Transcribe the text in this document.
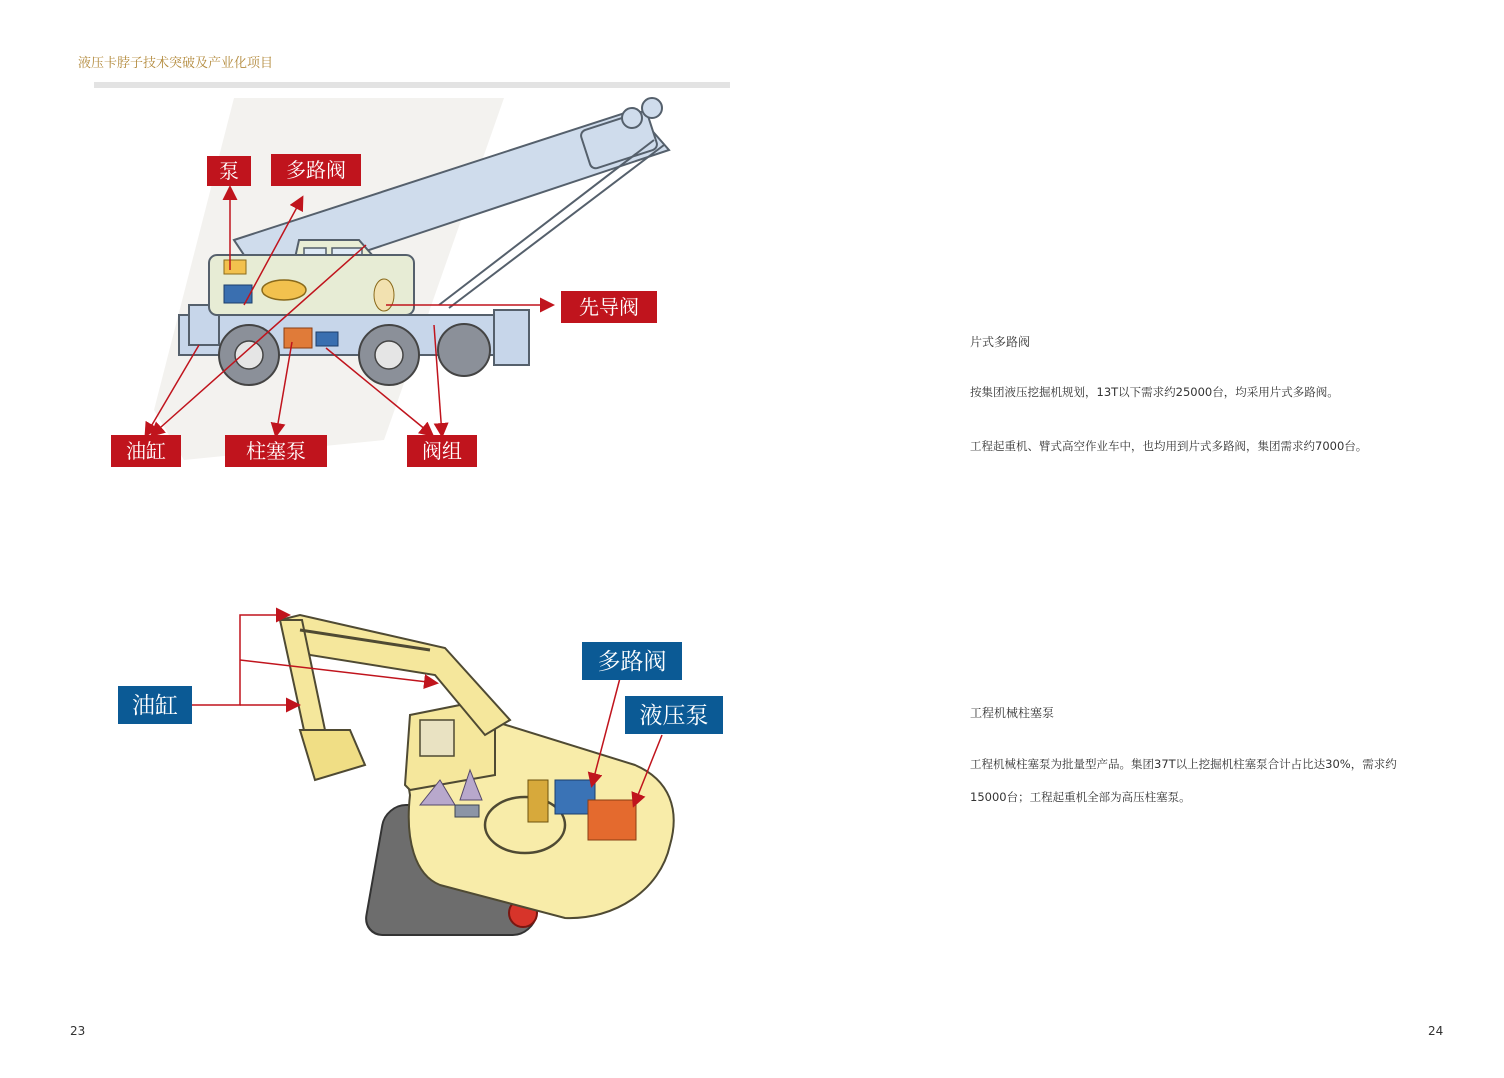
液压卡脖子技术突破及产业化项目
泵 多路阀
先导阀
油缸	柱塞泵	阀组
油缸
多路阀
液压泵
片式多路阀
按集团液压挖掘机规划，13T以下需求约25000台，均采用片式多路阀。
工程起重机、臂式高空作业车中，也均用到片式多路阀，集团需求约7000台。
工程机械柱塞泵
工程机械柱塞泵为批量型产品。集团37T以上挖掘机柱塞泵合计占比达30%，需求约15000台；工程起重机全部为高压柱塞泵。
23	24
